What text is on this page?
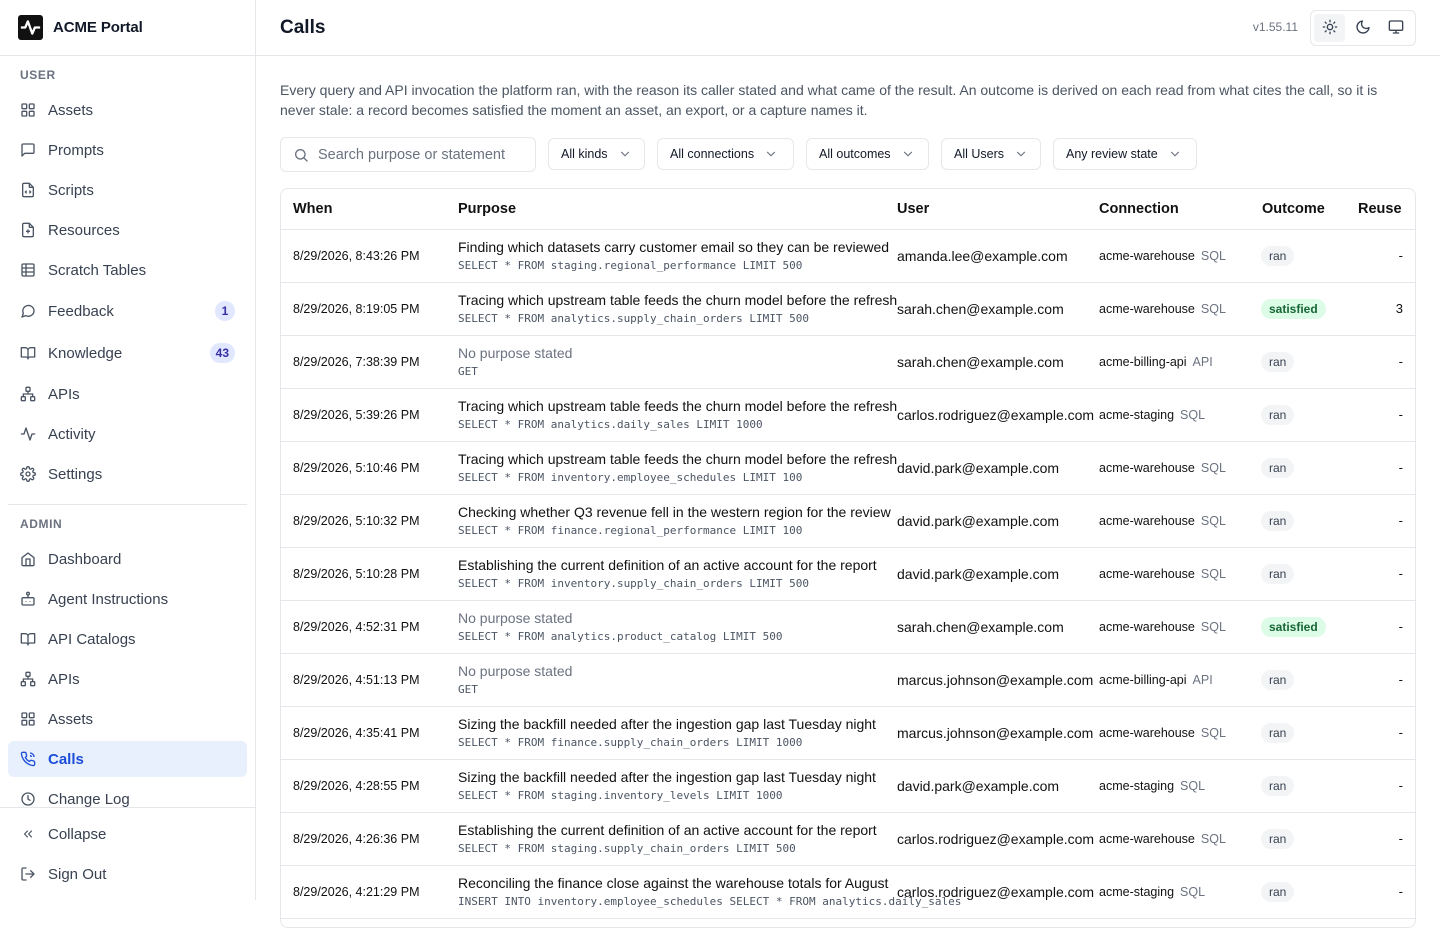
ACME Portal
USER
Assets
Prompts
Scripts
Resources
Scratch Tables
Feedback	1
Knowledge	43
APIs
Activity
Settings
ADMIN
Dashboard
Agent Instructions
API Catalogs
APIs
Assets
Calls
Change Log
Collapse
Sign Out
Calls	v1.55.11

Every query and API invocation the platform ran, with the reason its caller stated and what came of the result. An outcome is derived on each read from what cites the call, so it is never stale: a record becomes satisfied the moment an asset, an export, or a capture names it.

Search purpose or statement
All kinds	All connections	All outcomes	All Users	Any review state
When	Purpose	User	Connection	Outcome Reuse
8/29/2026, 8:43:26 PM
Finding which datasets carry customer email so they can be reviewed
SELECT * FROM staging.regional_performance LIMIT 500
amanda.lee@example.com	acme-warehouse SQL	ran	-
8/29/2026, 8:19:05 PM
Tracing which upstream table feeds the churn model before the refresh
SELECT * FROM analytics.supply_chain_orders LIMIT 500
sarah.chen@example.com	acme-warehouse SQL	satisfied	3
8/29/2026, 7:38:39 PM
No purpose stated
GET
sarah.chen@example.com	acme-billing-api API	ran	-
8/29/2026, 5:39:26 PM
Tracing which upstream table feeds the churn model before the refresh
SELECT * FROM analytics.daily_sales LIMIT 1000
carlos.rodriguez@example.com acme-staging SQL	ran	-
8/29/2026, 5:10:46 PM
Tracing which upstream table feeds the churn model before the refresh
SELECT * FROM inventory.employee_schedules LIMIT 100
david.park@example.com	acme-warehouse SQL	ran	-
8/29/2026, 5:10:32 PM
Checking whether Q3 revenue fell in the western region for the review
SELECT * FROM finance.regional_performance LIMIT 100
david.park@example.com	acme-warehouse SQL	ran	-
8/29/2026, 5:10:28 PM
Establishing the current definition of an active account for the report
SELECT * FROM inventory.supply_chain_orders LIMIT 500
david.park@example.com	acme-warehouse SQL	ran	-
8/29/2026, 4:52:31 PM
No purpose stated
SELECT * FROM analytics.product_catalog LIMIT 500
sarah.chen@example.com	acme-warehouse SQL	satisfied	-
8/29/2026, 4:51:13 PM
No purpose stated
GET
marcus.johnson@example.com acme-billing-api API	ran	-
8/29/2026, 4:35:41 PM
Sizing the backfill needed after the ingestion gap last Tuesday night
SELECT * FROM finance.supply_chain_orders LIMIT 1000
marcus.johnson@example.com acme-warehouse SQL	ran	-
8/29/2026, 4:28:55 PM
Sizing the backfill needed after the ingestion gap last Tuesday night
SELECT * FROM staging.inventory_levels LIMIT 1000
david.park@example.com	acme-staging SQL	ran	-
8/29/2026, 4:26:36 PM
Establishing the current definition of an active account for the report
SELECT * FROM staging.supply_chain_orders LIMIT 500
carlos.rodriguez@example.com acme-warehouse SQL	ran	-
8/29/2026, 4:21:29 PM
Reconciling the finance close against the warehouse totals for August
INSERT INTO inventory.employee_schedules SELECT * FROM analytics.daily_sales
carlos.rodriguez@example.com acme-staging SQL	ran	-
